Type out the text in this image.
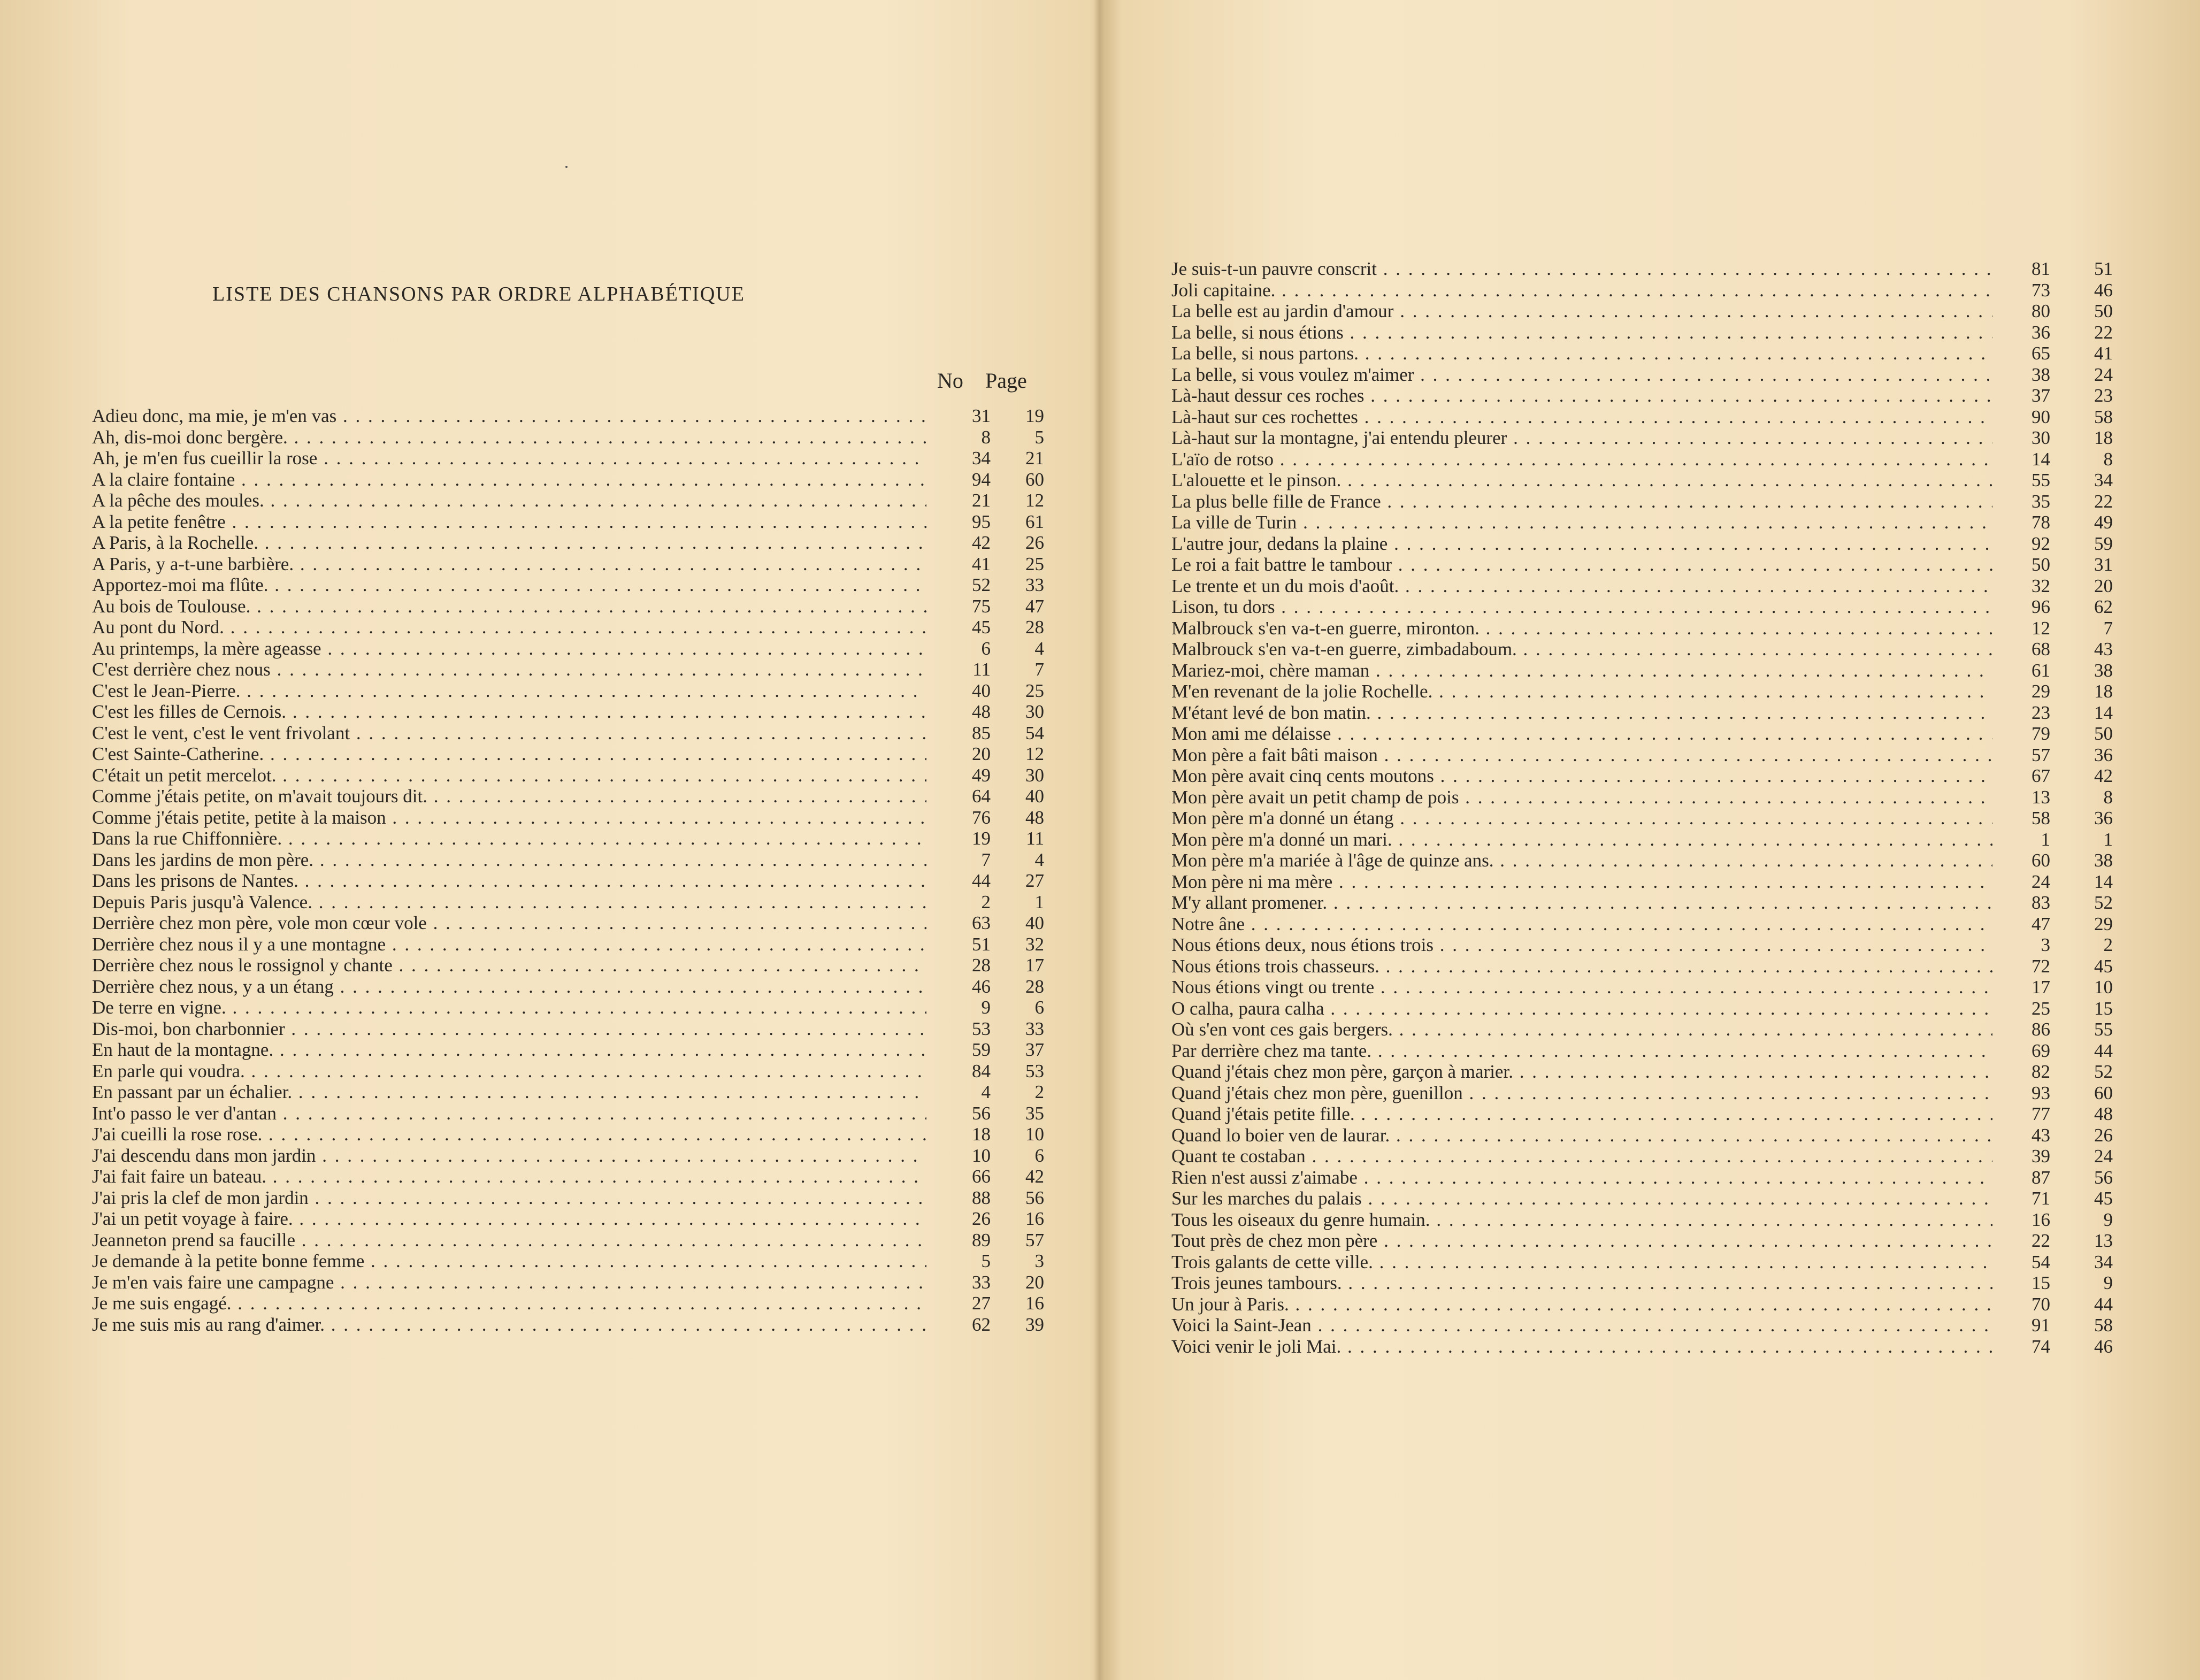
LISTE DES CHANSONS PAR ORDRE ALPHABÉTIQUE
No Page
Adieu donc, ma mie, je m'en vas . . .	31	19
Ah, dis-moi donc bergère. . . .	8	5
Ah, je m'en fus cueillir la rose . . .	34	21
A la claire fontaine . . .	94	60
A la pêche des moules. . . .	21	12
A la petite fenêtre . . .	95	61
A Paris, à la Rochelle. . . .	42	26
A Paris, y a-t-une barbière. . . .	41	25
Apportez-moi ma flûte. . . .	52	33
Au bois de Toulouse. . . .	75	47
Au pont du Nord. . . .	45	28
Au printemps, la mère ageasse . . .	6	4
C'est derrière chez nous . . .	11	7
C'est le Jean-Pierre. . . .	40	25
C'est les filles de Cernois. . . .	48	30
C'est le vent, c'est le vent frivolant . . .	85	54
C'est Sainte-Catherine. . . .	20	12
C'était un petit mercelot. . . .	49	30
Comme j'étais petite, on m'avait toujours dit. . . .	64	40
Comme j'étais petite, petite à la maison . . .	76	48
Dans la rue Chiffonnière. . . .	19	11
Dans les jardins de mon père. . . .	7	4
Dans les prisons de Nantes. . . .	44	27
Depuis Paris jusqu'à Valence. . . .	2	1
Derrière chez mon père, vole mon cœur vole . . .	63	40
Derrière chez nous il y a une montagne . . .	51	32
Derrière chez nous le rossignol y chante . . .	28	17
Derrière chez nous, y a un étang . . .	46	28
De terre en vigne. . . .	9	6
Dis-moi, bon charbonnier . . .	53	33
En haut de la montagne. . . .	59	37
En parle qui voudra. . . .	84	53
En passant par un échalier. . . .	4	2
Int'o passo le ver d'antan . . .	56	35
J'ai cueilli la rose rose. . . .	18	10
J'ai descendu dans mon jardin . . .	10	6
J'ai fait faire un bateau. . . .	66	42
J'ai pris la clef de mon jardin . . .	88	56
J'ai un petit voyage à faire. . . .	26	16
Jeanneton prend sa faucille . . .	89	57
Je demande à la petite bonne femme . . .	5	3
Je m'en vais faire une campagne . . .	33	20
Je me suis engagé. . . .	27	16
Je me suis mis au rang d'aimer. . . .	62	39
Je suis-t-un pauvre conscrit . . .	81	51
Joli capitaine. . . .	73	46
La belle est au jardin d'amour . . .	80	50
La belle, si nous étions . . .	36	22
La belle, si nous partons. . . .	65	41
La belle, si vous voulez m'aimer . . .	38	24
Là-haut dessur ces roches . . .	37	23
Là-haut sur ces rochettes . . .	90	58
Là-haut sur la montagne, j'ai entendu pleurer . . .	30	18
L'aïo de rotso . . .	14	8
L'alouette et le pinson. . . .	55	34
La plus belle fille de France . . .	35	22
La ville de Turin . . .	78	49
L'autre jour, dedans la plaine . . .	92	59
Le roi a fait battre le tambour . . .	50	31
Le trente et un du mois d'août. . . .	32	20
Lison, tu dors . . .	96	62
Malbrouck s'en va-t-en guerre, mironton. . . .	12	7
Malbrouck s'en va-t-en guerre, zimbadaboum. . . .	68	43
Mariez-moi, chère maman . . .	61	38
M'en revenant de la jolie Rochelle. . . .	29	18
M'étant levé de bon matin. . . .	23	14
Mon ami me délaisse . . .	79	50
Mon père a fait bâti maison . . .	57	36
Mon père avait cinq cents moutons . . .	67	42
Mon père avait un petit champ de pois . . .	13	8
Mon père m'a donné un étang . . .	58	36
Mon père m'a donné un mari. . . .	1	1
Mon père m'a mariée à l'âge de quinze ans. . . .	60	38
Mon père ni ma mère . . .	24	14
M'y allant promener. . . .	83	52
Notre âne . . .	47	29
Nous étions deux, nous étions trois . . .	3	2
Nous étions trois chasseurs. . . .	72	45
Nous étions vingt ou trente . . .	17	10
O calha, paura calha . . .	25	15
Où s'en vont ces gais bergers. . . .	86	55
Par derrière chez ma tante. . . .	69	44
Quand j'étais chez mon père, garçon à marier. . . .	82	52
Quand j'étais chez mon père, guenillon . . .	93	60
Quand j'étais petite fille. . . .	77	48
Quand lo boier ven de laurar. . . .	43	26
Quant te costaban . . .	39	24
Rien n'est aussi z'aimabe . . .	87	56
Sur les marches du palais . . .	71	45
Tous les oiseaux du genre humain. . . .	16	9
Tout près de chez mon père . . .	22	13
Trois galants de cette ville. . . .	54	34
Trois jeunes tambours. . . .	15	9
Un jour à Paris. . . .	70	44
Voici la Saint-Jean . . .	91	58
Voici venir le joli Mai. . . .	74	46
